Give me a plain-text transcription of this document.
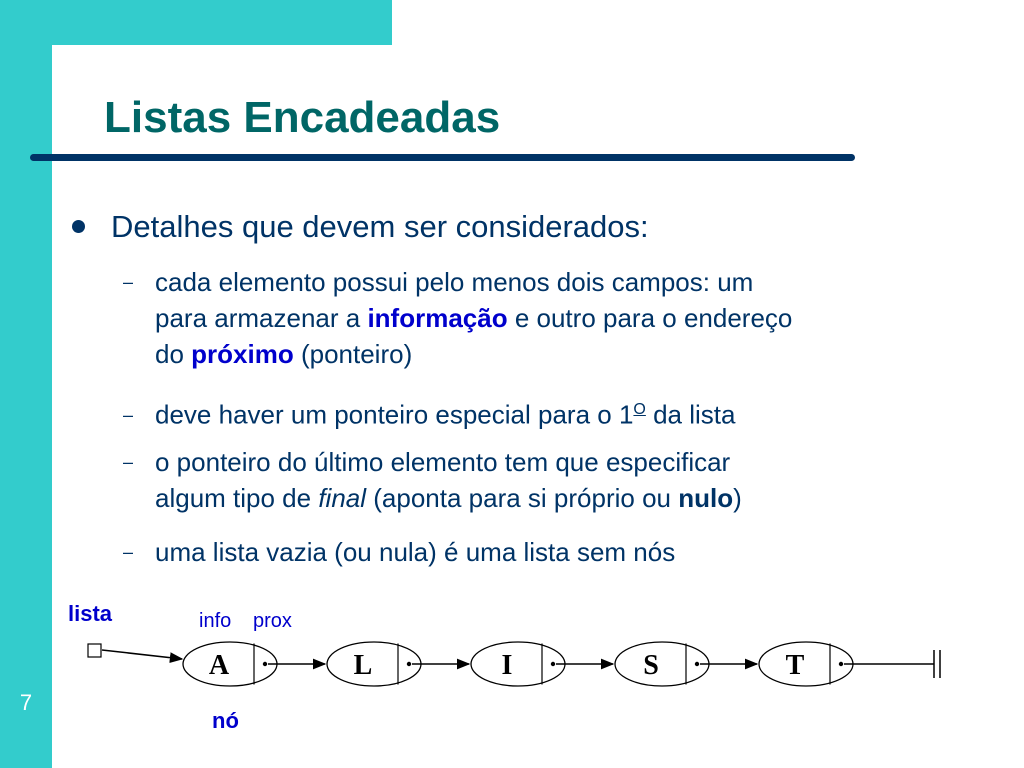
Listas Encadeadas
7
Detalhes que devem ser considerados:
– cada elemento possui pelo menos dois campos: um
para armazenar a informação e outro para o endereço
do próximo (ponteiro)
– deve haver um ponteiro especial para o $1^O$ da lista
– o ponteiro do último elemento tem que especificar
algum tipo de final (aponta para si próprio ou nulo)
– uma lista vazia (ou nula) é uma lista sem nós
lista	info prox
nó
A	L	I	S	T
